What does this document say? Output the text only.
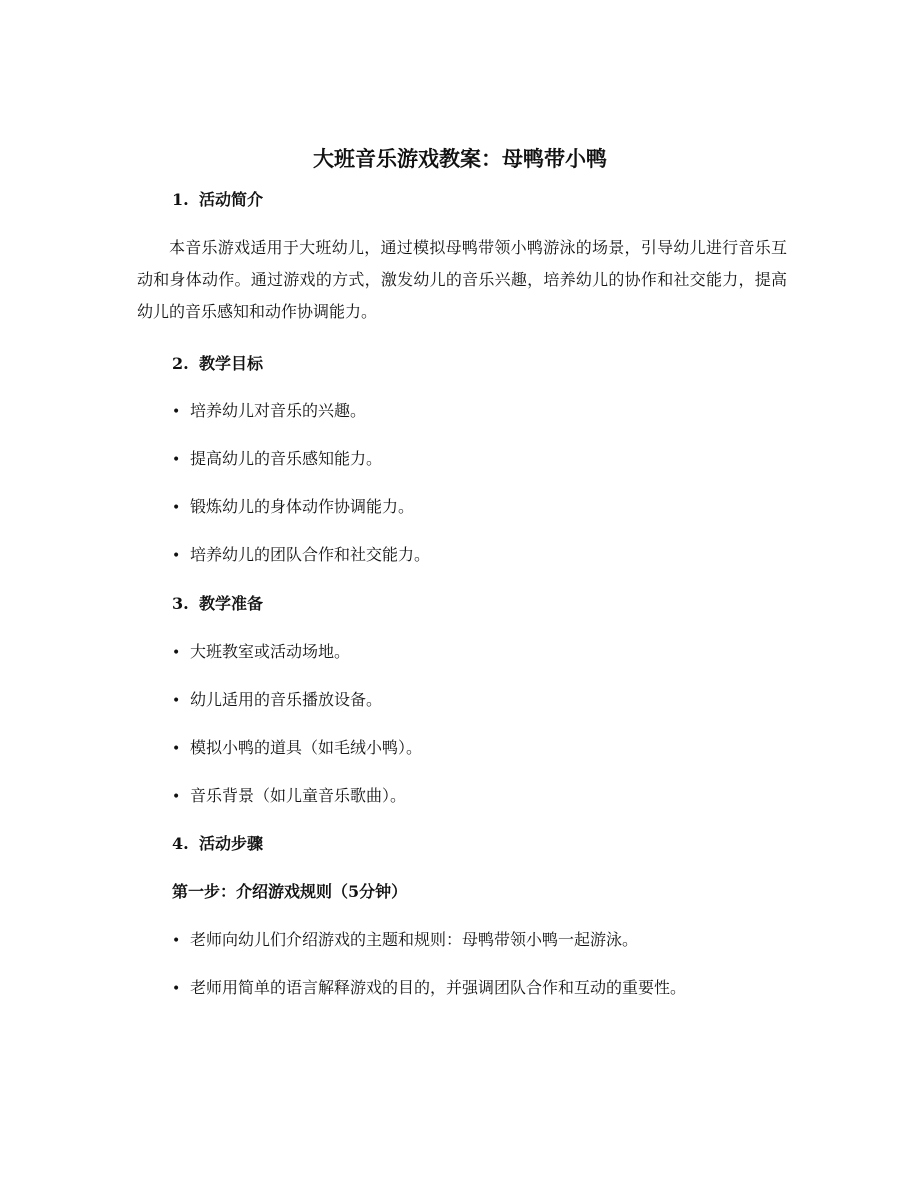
大班音乐游戏教案：母鸭带小鸭
1. 活动简介

本音乐游戏适用于大班幼儿，通过模拟母鸭带领小鸭游泳的场景，引导幼儿进行音乐互动和身体动作。通过游戏的方式，激发幼儿的音乐兴趣，培养幼儿的协作和社交能力，提高幼儿的音乐感知和动作协调能力。

2. 教学目标
• 培养幼儿对音乐的兴趣。
• 提高幼儿的音乐感知能力。
• 锻炼幼儿的身体动作协调能力。
• 培养幼儿的团队合作和社交能力。
3. 教学准备
• 大班教室或活动场地。
• 幼儿适用的音乐播放设备。
• 模拟小鸭的道具（如毛绒小鸭）。
• 音乐背景（如儿童音乐歌曲）。
4. 活动步骤
第一步：介绍游戏规则（5分钟）
• 老师向幼儿们介绍游戏的主题和规则：母鸭带领小鸭一起游泳。
• 老师用简单的语言解释游戏的目的，并强调团队合作和互动的重要性。
